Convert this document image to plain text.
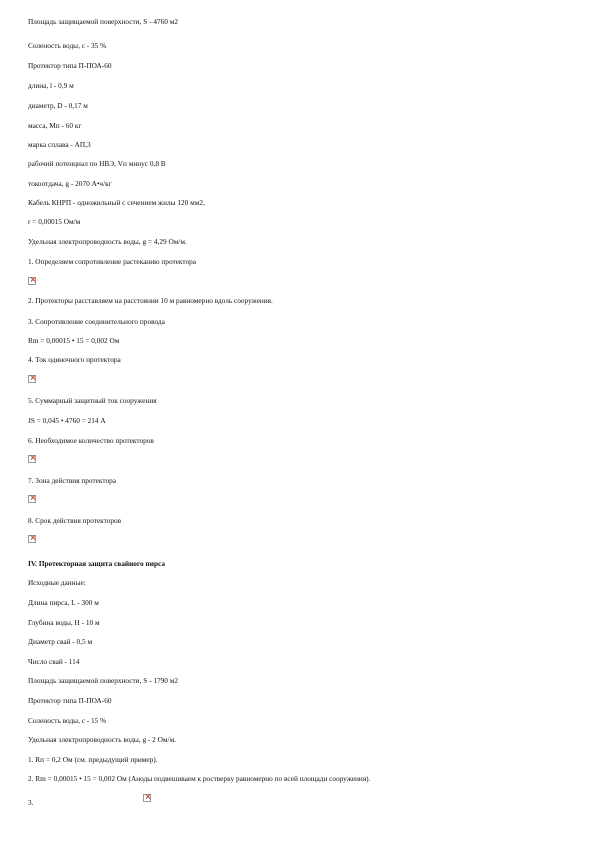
Площадь защищаемой поверхности, S - 4760 м2
Соленость воды, с - 35 %
Протектор типа П-ПОА-60
длина, l - 0,9 м
диаметр, D - 0,17 м
масса, Mп - 60 кг
марка сплава - АП,3
рабочий потенциал по НВЭ, Vп минус 0,8 В
токоотдача, g - 2070 А•ч/кг
Кабель КНРП - одножильный с сечением жилы 120 мм2,
r = 0,00015 Ом/м
Удельная электропроводность воды, g = 4,29 Ом/м.
1. Определяем сопротивление растеканию протектора
×
2. Протекторы расставляем на расстоянии 10 м равномерно вдоль сооружения.
3. Сопротивление соединительного провода
Rm = 0,00015 • 15 = 0,002 Ом
4. Ток одиночного протектора
×
5. Суммарный защитный ток сооружения
JS = 0,045 • 4760 = 214 А
6. Необходимое количество протекторов
×
7. Зона действия протектора
×
8. Срок действия протекторов
×
IV. Протекторная защита свайного пирса
Исходные данные:
Длина пирса, L - 300 м
Глубина воды, H - 10 м
Диаметр свай - 0,5 м
Число свай - 114
Площадь защищаемой поверхности, S - 1790 м2
Протектор типа П-ПОА-60
Соленость воды, с - 15 %
Удельная электропроводность воды, g - 2 Ом/м.
1. Rп = 0,2 Ом (см. предыдущий пример).
2. Rm = 0,00015 • 15 = 0,002 Ом (Аноды подвешиваем к ростверку равномерно по всей площади сооружения).
3.
×
